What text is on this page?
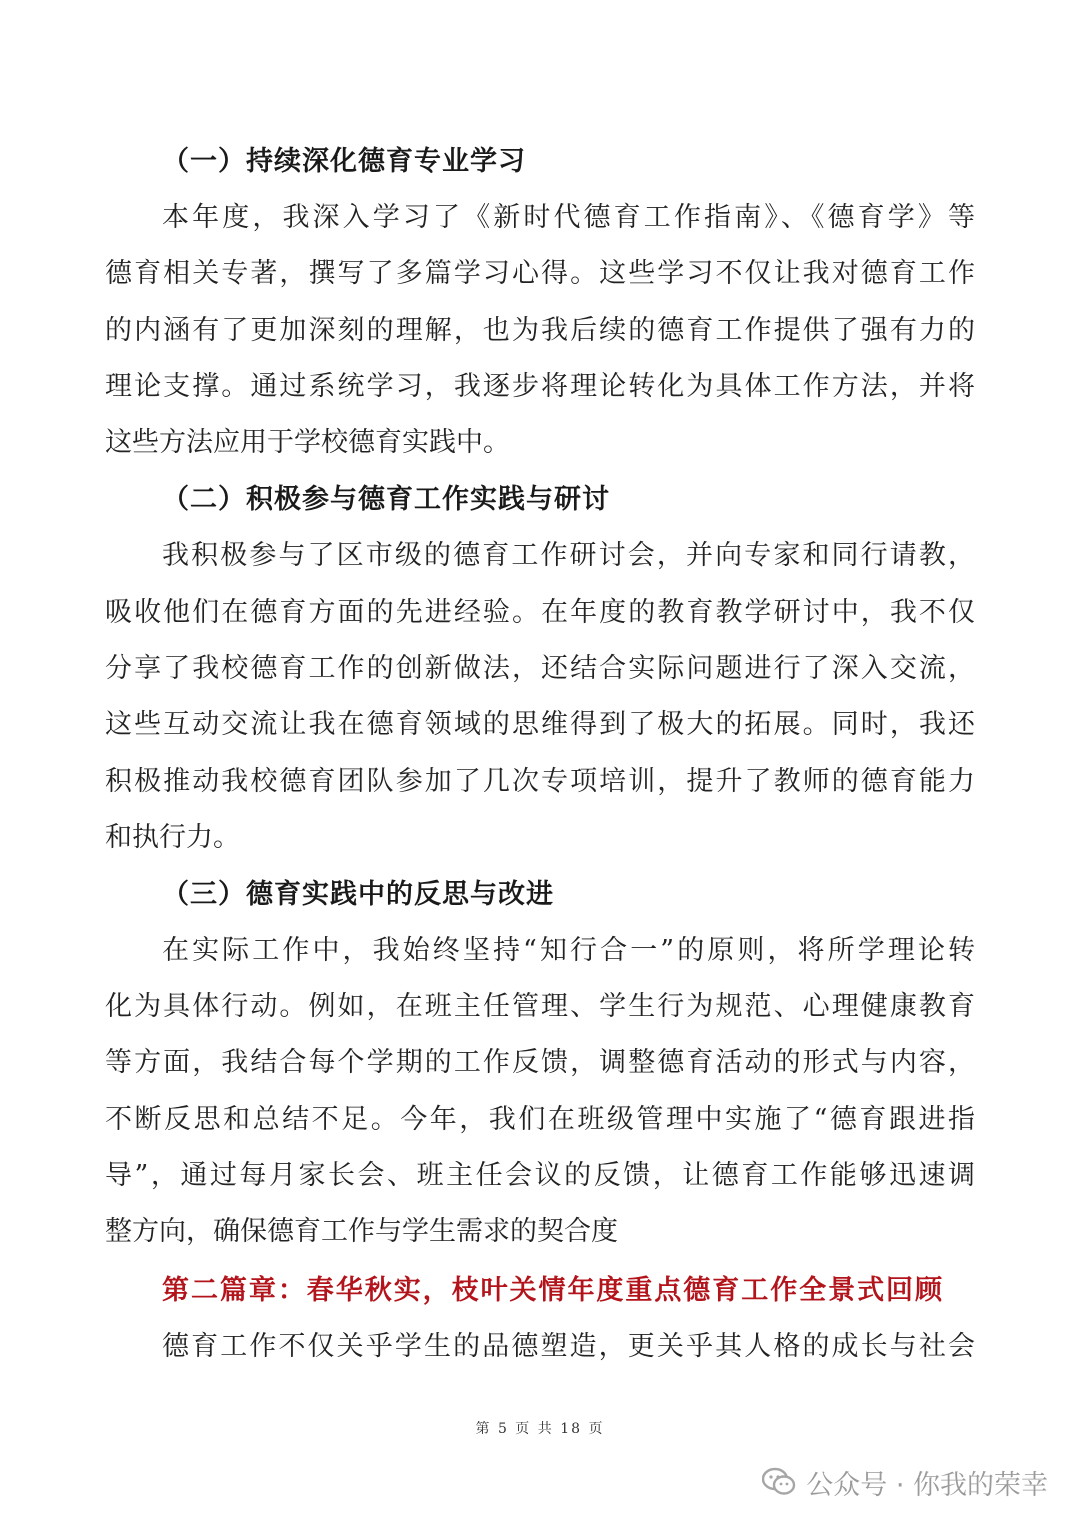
（一）持续深化德育专业学习
本年度，我深入学习了《新时代德育工作指南》、《德育学》等
德育相关专著，撰写了多篇学习心得。这些学习不仅让我对德育工作
的内涵有了更加深刻的理解，也为我后续的德育工作提供了强有力的
理论支撑。通过系统学习，我逐步将理论转化为具体工作方法，并将
这些方法应用于学校德育实践中。
（二）积极参与德育工作实践与研讨
我积极参与了区市级的德育工作研讨会，并向专家和同行请教，
吸收他们在德育方面的先进经验。在年度的教育教学研讨中，我不仅
分享了我校德育工作的创新做法，还结合实际问题进行了深入交流，
这些互动交流让我在德育领域的思维得到了极大的拓展。同时，我还
积极推动我校德育团队参加了几次专项培训，提升了教师的德育能力
和执行力。
（三）德育实践中的反思与改进
在实际工作中，我始终坚持“知行合一”的原则，将所学理论转
化为具体行动。例如，在班主任管理、学生行为规范、心理健康教育
等方面，我结合每个学期的工作反馈，调整德育活动的形式与内容，
不断反思和总结不足。今年，我们在班级管理中实施了“德育跟进指
导”，通过每月家长会、班主任会议的反馈，让德育工作能够迅速调
整方向，确保德育工作与学生需求的契合度
第二篇章：春华秋实，枝叶关情年度重点德育工作全景式回顾
德育工作不仅关乎学生的品德塑造，更关乎其人格的成长与社会
第 5 页 共 18 页
公众号 · 你我的荣幸
